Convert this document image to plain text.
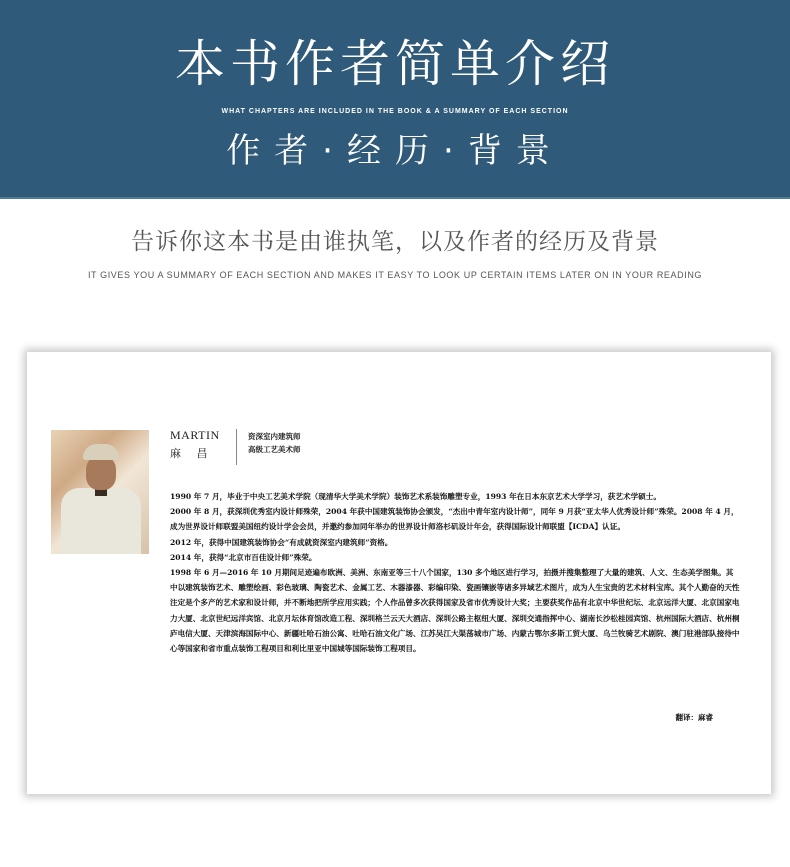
本书作者简单介绍
WHAT CHAPTERS ARE INCLUDED IN THE BOOK & A SUMMARY OF EACH SECTION
作者·经历·背景
告诉你这本书是由谁执笔，以及作者的经历及背景
IT GIVES YOU A SUMMARY OF EACH SECTION AND MAKES IT EASY TO LOOK UP CERTAIN ITEMS LATER ON IN YOUR READING
MARTIN
麻 昌
资深室内建筑师
高级工艺美术师

1990 年 7 月，毕业于中央工艺美术学院（现清华大学美术学院）装饰艺术系装饰雕塑专业，1993 年在日本东京艺术大学学习，获艺术学硕士。

2000 年 8 月，获深圳优秀室内设计师殊荣，2004 年获中国建筑装饰协会颁发，“杰出中青年室内设计师”，同年 9 月获“亚太华人优秀设计师”殊荣。2008 年 4 月，成为世界设计师联盟美国纽约设计学会会员，并邀约参加同年举办的世界设计师洛杉矶设计年会，获得国际设计师联盟【ICDA】认证。

2012 年，获得中国建筑装饰协会“有成就资深室内建筑师”资格。

2014 年，获得“北京市百佳设计师”殊荣。

1998 年 6 月—2016 年 10 月期间足迹遍布欧洲、美洲、东南亚等三十八个国家，130 多个地区进行学习，拍摄并搜集整理了大量的建筑、人文、生态美学图集。其中以建筑装饰艺术、雕塑绘画、彩色玻璃、陶瓷艺术、金属工艺、木器漆器、彩编印染、瓷画镶嵌等诸多异域艺术图片，成为人生宝贵的艺术材料宝库。其个人勤奋的天性注定是个多产的艺术家和设计师，并不断地把所学应用实践；个人作品曾多次获得国家及省市优秀设计大奖；主要获奖作品有北京中华世纪坛、北京远洋大厦、北京国家电力大厦、北京世纪远洋宾馆、北京月坛体育馆改造工程、深圳格兰云天大酒店、深圳公路主枢纽大厦、深圳交通指挥中心、湖南长沙松桂园宾馆、杭州国际大酒店、杭州桐庐电信大厦、天津滨海国际中心、新疆吐哈石油公寓、吐哈石油文化广场、江苏吴江大渠荡城市广场、内蒙古鄂尔多斯工贸大厦、乌兰牧骑艺术剧院、澳门驻港部队接待中心等国家和省市重点装饰工程项目和利比里亚中国城等国际装饰工程项目。

翻译：麻睿
